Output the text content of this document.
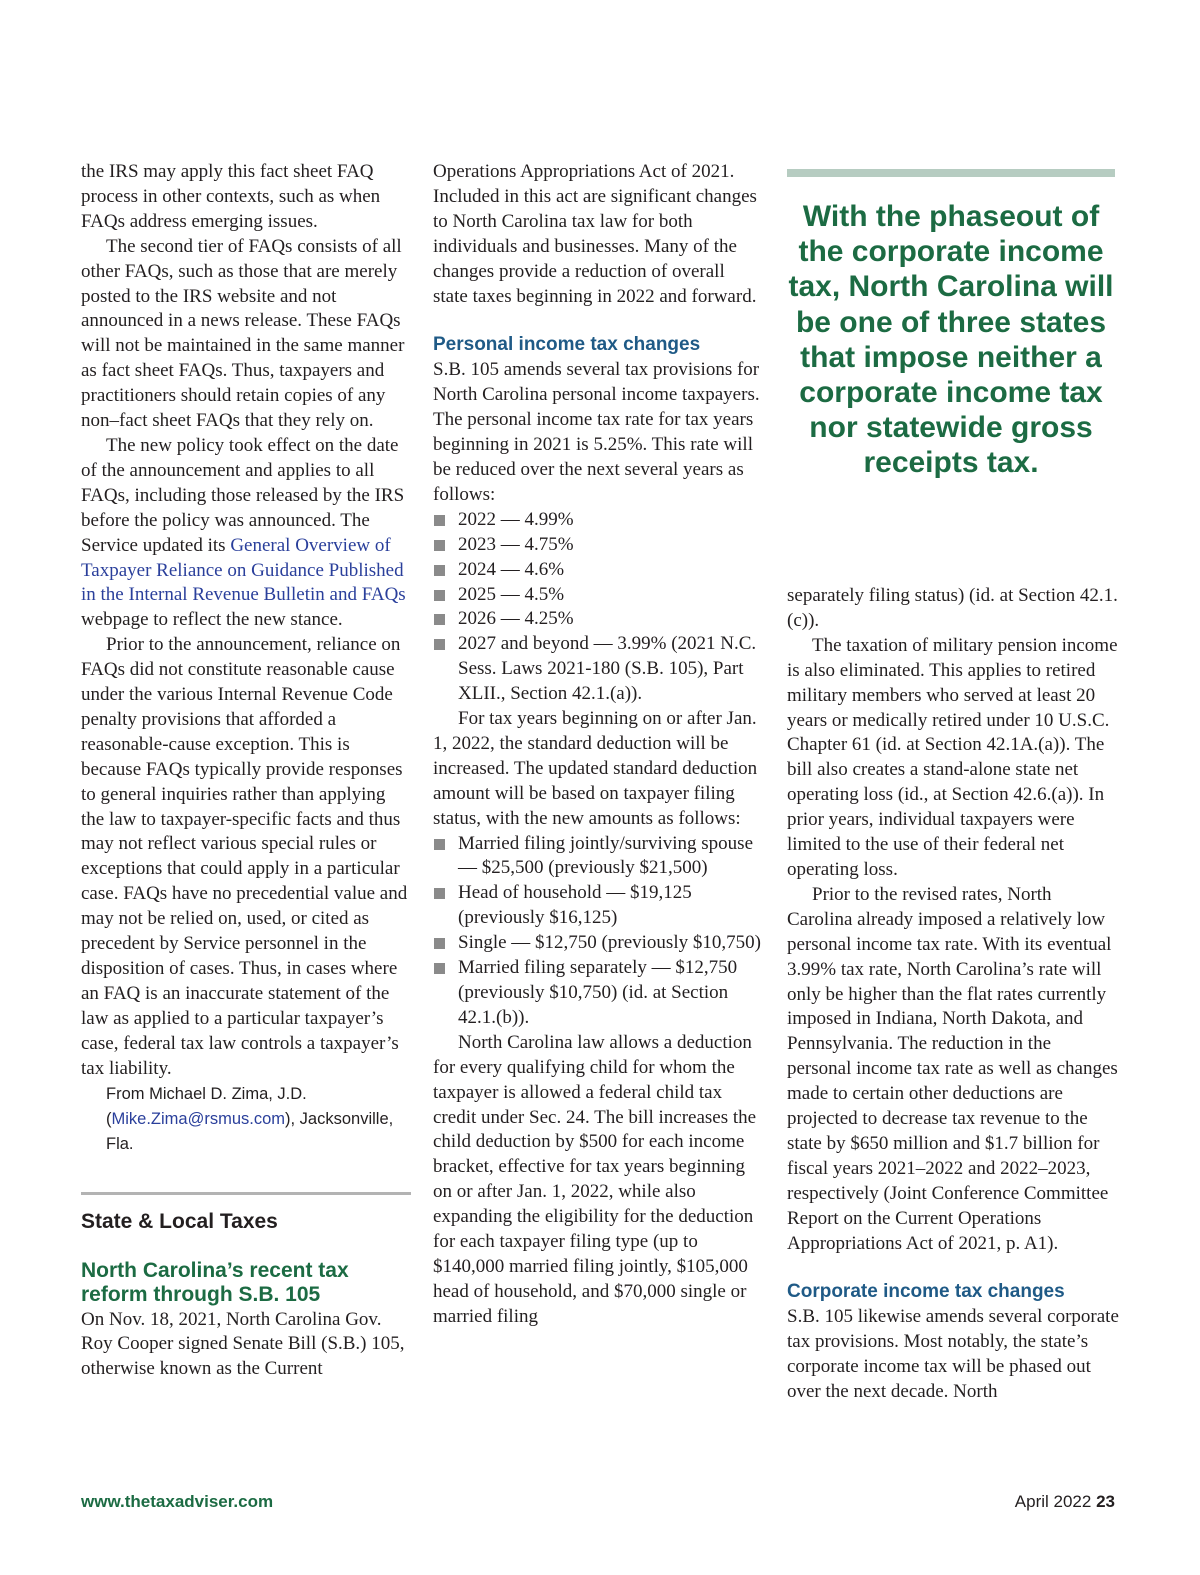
the IRS may apply this fact sheet FAQ process in other contexts, such as when FAQs address emerging issues.

The second tier of FAQs consists of all other FAQs, such as those that are merely posted to the IRS website and not announced in a news release. These FAQs will not be maintained in the same manner as fact sheet FAQs. Thus, taxpayers and practitioners should retain copies of any non–fact sheet FAQs that they rely on.

The new policy took effect on the date of the announcement and applies to all FAQs, including those released by the IRS before the policy was announced. The Service updated its General Overview of Taxpayer Reliance on Guidance Published in the Internal Revenue Bulletin and FAQs webpage to reflect the new stance.

Prior to the announcement, reliance on FAQs did not constitute reasonable cause under the various Internal Revenue Code penalty provisions that afforded a reasonable-cause exception. This is because FAQs typically provide responses to general inquiries rather than applying the law to taxpayer-specific facts and thus may not reflect various special rules or exceptions that could apply in a particular case. FAQs have no precedential value and may not be relied on, used, or cited as precedent by Service personnel in the disposition of cases. Thus, in cases where an FAQ is an inaccurate statement of the law as applied to a particular taxpayer’s case, federal tax law controls a taxpayer’s tax liability.

From Michael D. Zima, J.D. (Mike.Zima@rsmus.com), Jacksonville, Fla.

State & Local Taxes
North Carolina’s recent tax reform through S.B. 105

On Nov. 18, 2021, North Carolina Gov. Roy Cooper signed Senate Bill (S.B.) 105, otherwise known as the Current

Operations Appropriations Act of 2021. Included in this act are significant changes to North Carolina tax law for both individuals and businesses. Many of the changes provide a reduction of overall state taxes beginning in 2022 and forward.

Personal income tax changes

S.B. 105 amends several tax provisions for North Carolina personal income taxpayers. The personal income tax rate for tax years beginning in 2021 is 5.25%. This rate will be reduced over the next several years as follows:

2022 — 4.99%
2023 — 4.75%
2024 — 4.6%
2025 — 4.5%
2026 — 4.25%
2027 and beyond — 3.99% (2021 N.C. Sess. Laws 2021-180 (S.B. 105), Part XLII., Section 42.1.(a)).

For tax years beginning on or after Jan. 1, 2022, the standard deduction will be increased. The updated standard deduction amount will be based on taxpayer filing status, with the new amounts as follows:

Married filing jointly/surviving spouse — $25,500 (previously $21,500)
Head of household — $19,125 (previously $16,125)
Single — $12,750 (previously $10,750)
Married filing separately — $12,750 (previously $10,750) (id. at Section 42.1.(b)).

North Carolina law allows a deduction for every qualifying child for whom the taxpayer is allowed a federal child tax credit under Sec. 24. The bill increases the child deduction by $500 for each income bracket, effective for tax years beginning on or after Jan. 1, 2022, while also expanding the eligibility for the deduction for each taxpayer filing type (up to $140,000 married filing jointly, $105,000 head of household, and $70,000 single or married filing

With the phaseout of the corporate income tax, North Carolina will be one of three states that impose neither a corporate income tax nor statewide gross receipts tax.

separately filing status) (id. at Section 42.1.(c)).

The taxation of military pension income is also eliminated. This applies to retired military members who served at least 20 years or medically retired under 10 U.S.C. Chapter 61 (id. at Section 42.1A.(a)). The bill also creates a stand-alone state net operating loss (id., at Section 42.6.(a)). In prior years, individual taxpayers were limited to the use of their federal net operating loss.

Prior to the revised rates, North Carolina already imposed a relatively low personal income tax rate. With its eventual 3.99% tax rate, North Carolina’s rate will only be higher than the flat rates currently imposed in Indiana, North Dakota, and Pennsylvania. The reduction in the personal income tax rate as well as changes made to certain other deductions are projected to decrease tax revenue to the state by $650 million and $1.7 billion for fiscal years 2021–2022 and 2022–2023, respectively (Joint Conference Committee Report on the Current Operations Appropriations Act of 2021, p. A1).

Corporate income tax changes

S.B. 105 likewise amends several corporate tax provisions. Most notably, the state’s corporate income tax will be phased out over the next decade. North

www.thetaxadviser.com	April 2022 23
